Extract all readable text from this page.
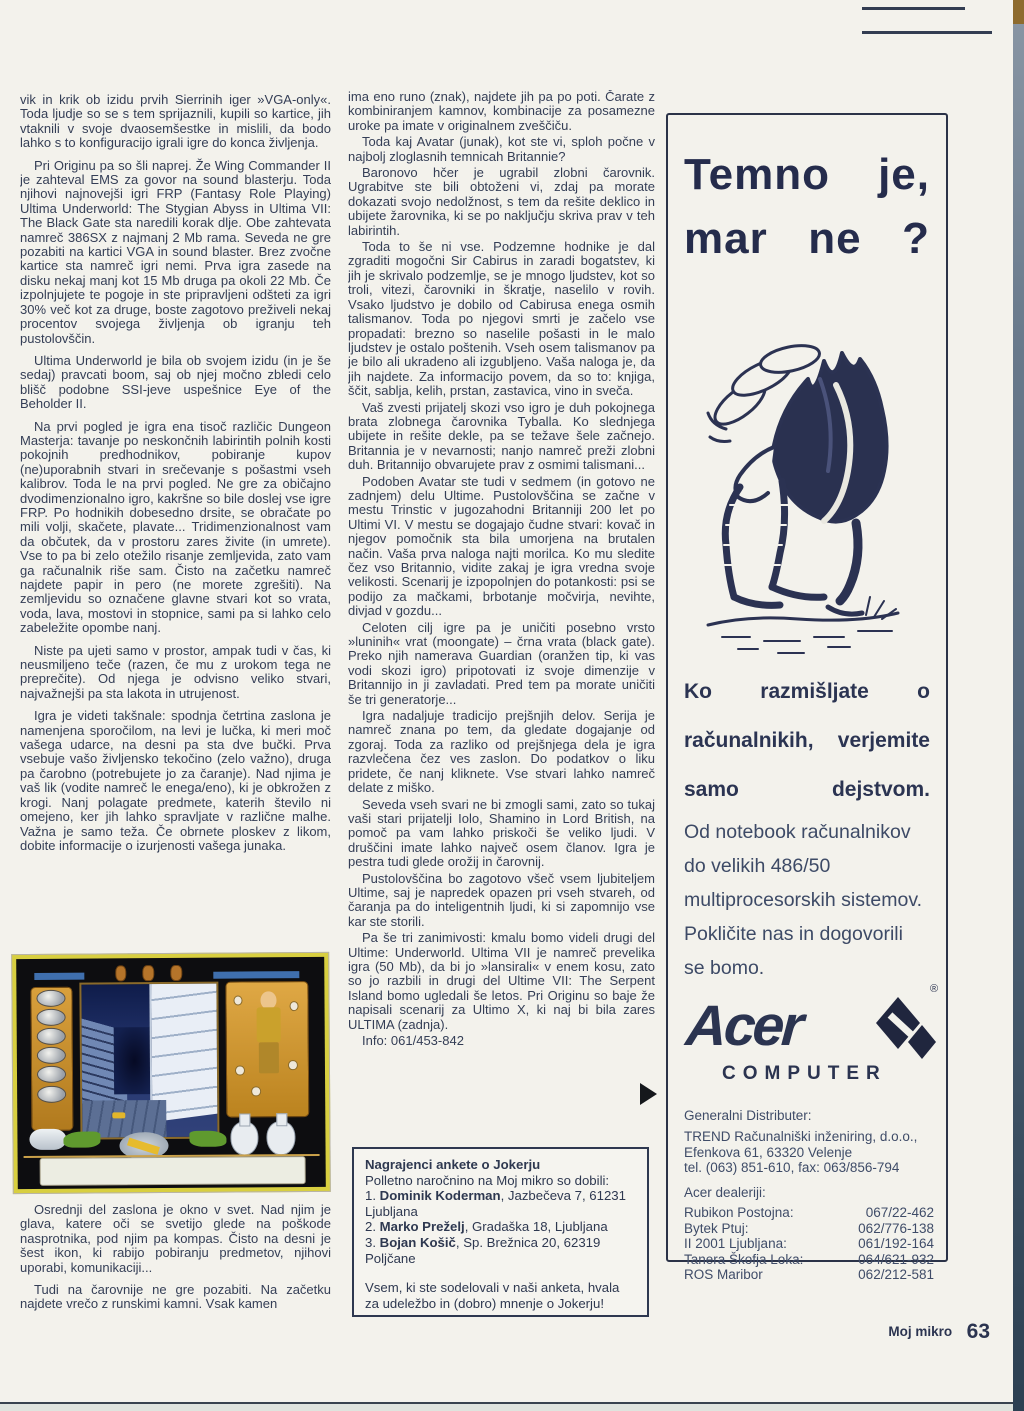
vik in krik ob izidu prvih Sierrinih iger »VGA-only«. Toda ljudje so se s tem sprijaznili, kupili so kartice, jih vtaknili v svoje dvaosemšestke in mislili, da bodo lahko s to konfiguracijo igrali igre do konca življenja.

Pri Originu pa so šli naprej. Že Wing Commander II je zahteval EMS za govor na sound blasterju. Toda njihovi najnovejši igri FRP (Fantasy Role Playing) Ultima Underworld: The Stygian Abyss in Ultima VII: The Black Gate sta naredili korak dlje. Obe zahtevata namreč 386SX z najmanj 2 Mb rama. Seveda ne gre pozabiti na kartici VGA in sound blaster. Brez zvočne kartice sta namreč igri nemi. Prva igra zasede na disku nekaj manj kot 15 Mb druga pa okoli 22 Mb. Če izpolnjujete te pogoje in ste pripravljeni odšteti za igri 30% več kot za druge, boste zagotovo preživeli nekaj procentov svojega življenja ob igranju teh pustolovščin.

Ultima Underworld je bila ob svojem izidu (in je še sedaj) pravcati boom, saj ob njej močno zbledi celo blišč podobne SSI-jeve uspešnice Eye of the Beholder II.

Na prvi pogled je igra ena tisoč različic Dungeon Masterja: tavanje po neskončnih labirintih polnih kosti pokojnih predhodnikov, pobiranje kupov (ne)uporabnih stvari in srečevanje s pošastmi vseh kalibrov. Toda le na prvi pogled. Ne gre za običajno dvodimenzionalno igro, kakršne so bile doslej vse igre FRP. Po hodnikih dobesedno drsite, se obračate po mili volji, skačete, plavate... Tridimenzionalnost vam da občutek, da v prostoru zares živite (in umrete). Vse to pa bi zelo otežilo risanje zemljevida, zato vam ga računalnik riše sam. Čisto na začetku namreč najdete papir in pero (ne morete zgrešiti). Na zemljevidu so označene glavne stvari kot so vrata, voda, lava, mostovi in stopnice, sami pa si lahko celo zabeležite opombe nanj.

Niste pa ujeti samo v prostor, ampak tudi v čas, ki neusmiljeno teče (razen, če mu z urokom tega ne preprečite). Od njega je odvisno veliko stvari, najvažnejši pa sta lakota in utrujenost.

Igra je videti takšnale: spodnja četrtina zaslona je namenjena sporočilom, na levi je lučka, ki meri moč vašega udarce, na desni pa sta dve bučki. Prva vsebuje vašo življensko tekočino (zelo važno), druga pa čarobno (potrebujete jo za čaranje). Nad njima je vaš lik (vodite namreč le enega/eno), ki je obkrožen z krogi. Nanj polagate predmete, katerih število ni omejeno, ker jih lahko spravljate v različne malhe. Važna je samo teža. Če obrnete ploskev z likom, dobite informacije o izurjenosti vašega junaka.

Osrednji del zaslona je okno v svet. Nad njim je glava, katere oči se svetijo glede na poškode nasprotnika, pod njim pa kompas. Čisto na desni je šest ikon, ki rabijo pobiranju predmetov, njihovi uporabi, komunikaciji...

Tudi na čarovnije ne gre pozabiti. Na začetku najdete vrečo z runskimi kamni. Vsak kamen

ima eno runo (znak), najdete jih pa po poti. Čarate z kombiniranjem kamnov, kombinacije za posamezne uroke pa imate v originalnem zveščiču.

Toda kaj Avatar (junak), kot ste vi, sploh počne v najbolj zloglasnih temnicah Britannie?

Baronovo hčer je ugrabil zlobni čarovnik. Ugrabitve ste bili obtoženi vi, zdaj pa morate dokazati svojo nedolžnost, s tem da rešite deklico in ubijete žarovnika, ki se po naključju skriva prav v teh labirintih.

Toda to še ni vse. Podzemne hodnike je dal zgraditi mogočni Sir Cabirus in zaradi bogatstev, ki jih je skrivalo podzemlje, se je mnogo ljudstev, kot so troli, vitezi, čarovniki in škratje, naselilo v rovih. Vsako ljudstvo je dobilo od Cabirusa enega osmih talismanov. Toda po njegovi smrti je začelo vse propadati: brezno so naselile pošasti in le malo ljudstev je ostalo poštenih. Vseh osem talismanov pa je bilo ali ukradeno ali izgubljeno. Vaša naloga je, da jih najdete. Za informacijo povem, da so to: knjiga, ščit, sablja, kelih, prstan, zastavica, vino in sveča.

Vaš zvesti prijatelj skozi vso igro je duh pokojnega brata zlobnega čarovnika Tyballa. Ko slednjega ubijete in rešite dekle, pa se težave šele začnejo. Britannia je v nevarnosti; nanjo namreč preži zlobni duh. Britannijo obvarujete prav z osmimi talismani...

Podoben Avatar ste tudi v sedmem (in gotovo ne zadnjem) delu Ultime. Pustolovščina se začne v mestu Trinstic v jugozahodni Britanniji 200 let po Ultimi VI. V mestu se dogajajo čudne stvari: kovač in njegov pomočnik sta bila umorjena na brutalen način. Vaša prva naloga najti morilca. Ko mu sledite čez vso Britannio, vidite zakaj je igra vredna svoje velikosti. Scenarij je izpopolnjen do potankosti: psi se podijo za mačkami, brbotanje močvirja, nevihte, divjad v gozdu...

Celoten cilj igre pa je uničiti posebno vrsto »luninih« vrat (moongate) – črna vrata (black gate). Preko njih namerava Guardian (oranžen tip, ki vas vodi skozi igro) pripotovati iz svoje dimenzije v Britannijo in ji zavladati. Pred tem pa morate uničiti še tri generatorje...

Igra nadaljuje tradicijo prejšnjih delov. Serija je namreč znana po tem, da gledate dogajanje od zgoraj. Toda za razliko od prejšnjega dela je igra razvlečena čez ves zaslon. Do podatkov o liku pridete, če nanj kliknete. Vse stvari lahko namreč delate z miško.

Seveda vseh svari ne bi zmogli sami, zato so tukaj vaši stari prijatelji Iolo, Shamino in Lord British, na pomoč pa vam lahko priskoči še veliko ljudi. V druščini imate lahko največ osem članov. Igra je pestra tudi glede orožij in čarovnij.

Pustolovščina bo zagotovo všeč vsem ljubiteljem Ultime, saj je napredek opazen pri vseh stvareh, od čaranja pa do inteligentnih ljudi, ki si zapomnijo vse kar ste storili.

Pa še tri zanimivosti: kmalu bomo videli drugi del Ultime: Underworld. Ultima VII je namreč prevelika igra (50 Mb), da bi jo »lansirali« v enem kosu, zato so jo razbili in drugi del Ultime VII: The Serpent Island bomo ugledali še letos. Pri Originu so baje že napisali scenarij za Ultimo X, ki naj bi bila zares ULTIMA (zadnja).

Info: 061/453-842

Nagrajenci ankete o Jokerju
Polletno naročnino na Moj mikro so dobili:
1. Dominik Koderman, Jazbečeva 7, 61231 Ljubljana
2. Marko Preželj, Gradaška 18, Ljubljana
3. Bojan Košič, Sp. Brežnica 20, 62319 Poljčane
Vsem, ki ste sodelovali v naši anketa, hvala za udeležbo in (dobro) mnenje o Jokerju!
Temno je,
mar ne ?
Ko razmišljate o
računalnikih, verjemite
samo dejstvom.
Od notebook računalnikov
do velikih 486/50
multiprocesorskih sistemov.
Pokličite nas in dogovorili
se bomo.
Acer
®
COMPUTER
Generalni Distributer:
TREND Računalniški inženiring, d.o.o.,
Efenkova 61, 63320 Velenje
tel. (063) 851-610, fax: 063/856-794
Acer dealeriji:
Rubikon Postojna:	067/22-462
Bytek Ptuj:	062/776-138
II 2001 Ljubljana:	061/192-164
Tanera Škofja Loka:	064/621-932
ROS Maribor	062/212-581
Moj mikro 63
